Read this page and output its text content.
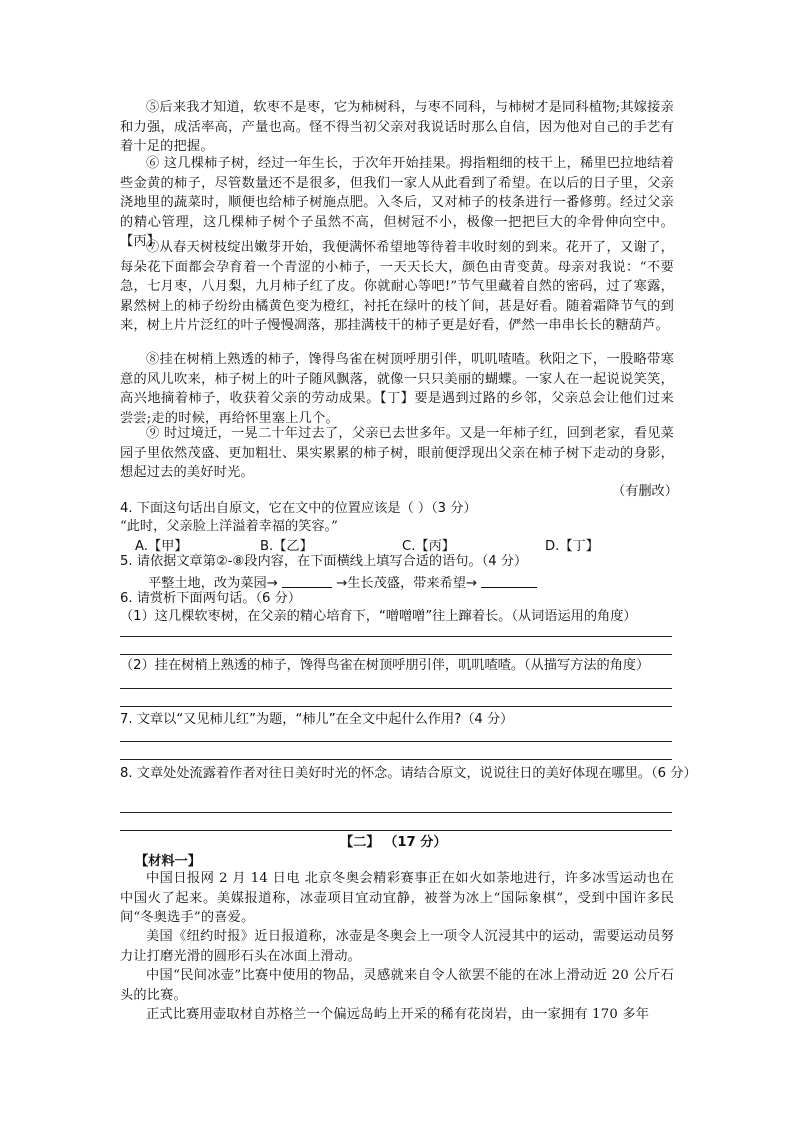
⑤后来我才知道，软枣不是枣，它为柿树科，与枣不同科，与柿树才是同科植物;其嫁接亲和力强，成活率高，产量也高。怪不得当初父亲对我说话时那么自信，因为他对自己的手艺有着十足的把握。

⑥ 这几棵柿子树，经过一年生长，于次年开始挂果。拇指粗细的枝干上，稀里巴拉地结着些金黄的柿子，尽管数量还不是很多，但我们一家人从此看到了希望。在以后的日子里，父亲浇地里的蔬菜时，顺便也给柿子树施点肥。入冬后，又对柿子的枝条进行一番修剪。经过父亲的精心管理，这几棵柿子树个子虽然不高，但树冠不小，极像一把把巨大的伞骨伸向空中。 【丙】

⑦从春天树枝绽出嫩芽开始，我便满怀希望地等待着丰收时刻的到来。花开了，又谢了，每朵花下面都会孕育着一个青涩的小柿子，一天天长大，颜色由青变黄。母亲对我说：“不要急，七月枣，八月梨，九月柿子红了皮。你就耐心等吧!”节气里藏着自然的密码，过了寒露，累然树上的柿子纷纷由橘黄色变为橙红，衬托在绿叶的枝丫间，甚是好看。随着霜降节气的到来，树上片片泛红的叶子慢慢凋落，那挂满枝干的柿子更是好看，俨然一串串长长的糖葫芦。

⑧挂在树梢上熟透的柿子，馋得鸟雀在树顶呼朋引伴，叽叽喳喳。秋阳之下，一股略带寒意的风儿吹来，柿子树上的叶子随风飘落，就像一只只美丽的蝴蝶。一家人在一起说说笑笑，高兴地摘着柿子，收获着父亲的劳动成果。【丁】要是遇到过路的乡邻，父亲总会让他们过来尝尝;走的时候，再给怀里塞上几个。

⑨ 时过境迁，一晃二十年过去了，父亲已去世多年。又是一年柿子红，回到老家，看见菜园子里依然茂盛、更加粗壮、果实累累的柿子树，眼前便浮现出父亲在柿子树下走动的身影，想起过去的美好时光。

（有删改）

4. 下面这句话出自原文，它在文中的位置应该是（ ）（3 分）

“此时，父亲脸上洋溢着幸福的笑容。”

A.【甲】	B.【乙】	C.【丙】	D.【丁】

5. 请依据文章第②-⑧段内容，在下面横线上填写合适的语句。（4 分）

平整土地，改为菜园→	→生长茂盛，带来希望→

6. 请赏析下面两句话。（6 分）

（1）这几棵软枣树，在父亲的精心培育下，“噌噌噌”往上蹿着长。（从词语运用的角度）

（2）挂在树梢上熟透的柿子，馋得鸟雀在树顶呼朋引伴，叽叽喳喳。（从描写方法的角度）

7. 文章以“又见柿儿红”为题，“柿儿”在全文中起什么作用?（4 分）

8. 文章处处流露着作者对往日美好时光的怀念。请结合原文，说说往日的美好体现在哪里。（6 分）

【二】 （17 分）
【材料一】

中国日报网 2 月 14 日电 北京冬奥会精彩赛事正在如火如荼地进行，许多冰雪运动也在中国火了起来。美媒报道称，冰壶项目宜动宜静，被誉为冰上“国际象棋”，受到中国许多民间“冬奥选手”的喜爱。

美国《纽约时报》近日报道称，冰壶是冬奥会上一项令人沉浸其中的运动，需要运动员努力让打磨光滑的圆形石头在冰面上滑动。

中国“民间冰壶”比赛中使用的物品，灵感就来自令人欲罢不能的在冰上滑动近 20 公斤石头的比赛。

正式比赛用壶取材自苏格兰一个偏远岛屿上开采的稀有花岗岩，由一家拥有 170 多年
